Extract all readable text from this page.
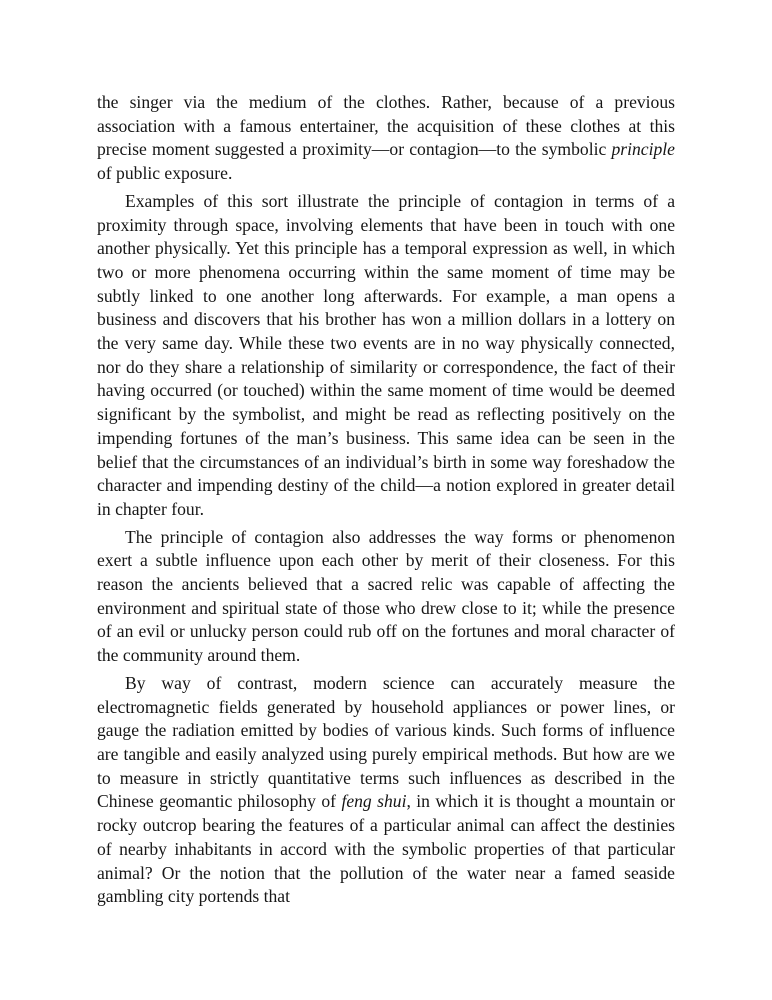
the singer via the medium of the clothes. Rather, because of a previous association with a famous entertainer, the acquisition of these clothes at this precise moment suggested a proximity—or contagion—to the symbolic principle of public exposure.

Examples of this sort illustrate the principle of contagion in terms of a proximity through space, involving elements that have been in touch with one another physically. Yet this principle has a temporal expression as well, in which two or more phenomena occurring within the same moment of time may be subtly linked to one another long afterwards. For example, a man opens a business and discovers that his brother has won a million dollars in a lottery on the very same day. While these two events are in no way physically connected, nor do they share a relationship of similarity or correspondence, the fact of their having occurred (or touched) within the same moment of time would be deemed significant by the symbolist, and might be read as reflecting positively on the impending fortunes of the man’s business. This same idea can be seen in the belief that the circumstances of an individual’s birth in some way foreshadow the character and impending destiny of the child—a notion explored in greater detail in chapter four.

The principle of contagion also addresses the way forms or phenomenon exert a subtle influence upon each other by merit of their closeness. For this reason the ancients believed that a sacred relic was capable of affecting the environment and spiritual state of those who drew close to it; while the presence of an evil or unlucky person could rub off on the fortunes and moral character of the community around them.

By way of contrast, modern science can accurately measure the electromagnetic fields generated by household appliances or power lines, or gauge the radiation emitted by bodies of various kinds. Such forms of influence are tangible and easily analyzed using purely empirical methods. But how are we to measure in strictly quantitative terms such influences as described in the Chinese geomantic philosophy of feng shui, in which it is thought a mountain or rocky outcrop bearing the features of a particular animal can affect the destinies of nearby inhabitants in accord with the symbolic properties of that particular animal? Or the notion that the pollution of the water near a famed seaside gambling city portends that
